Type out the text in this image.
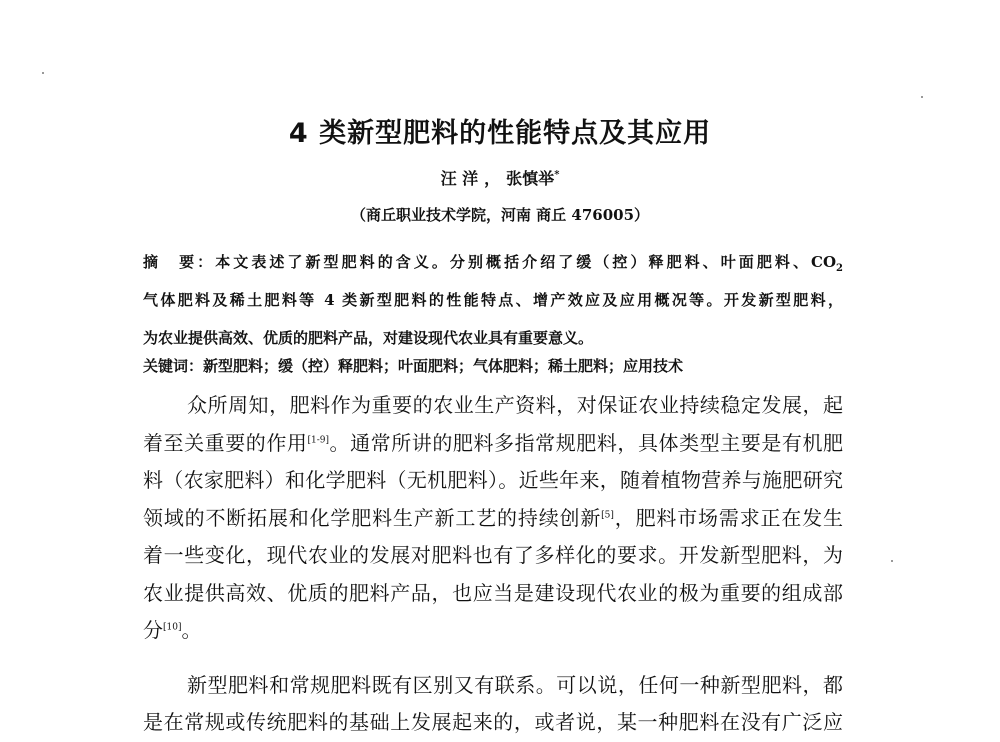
4 类新型肥料的性能特点及其应用
汪 洋 ， 张慎举*
（商丘职业技术学院，河南 商丘 476005）
摘　要：本文表述了新型肥料的含义。分别概括介绍了缓（控）释肥料、叶面肥料、$CO_2$
气体肥料及稀土肥料等 4 类新型肥料的性能特点、增产效应及应用概况等。开发新型肥料，
为农业提供高效、优质的肥料产品，对建设现代农业具有重要意义。
关键词：新型肥料；缓（控）释肥料；叶面肥料；气体肥料；稀土肥料；应用技术
众所周知，肥料作为重要的农业生产资料，对保证农业持续稳定发展，起
着至关重要的作用[1-9]。通常所讲的肥料多指常规肥料，具体类型主要是有机肥
料（农家肥料）和化学肥料（无机肥料）。近些年来，随着植物营养与施肥研究
领域的不断拓展和化学肥料生产新工艺的持续创新[5]，肥料市场需求正在发生
着一些变化，现代农业的发展对肥料也有了多样化的要求。开发新型肥料，为
农业提供高效、优质的肥料产品，也应当是建设现代农业的极为重要的组成部
分[10]。
新型肥料和常规肥料既有区别又有联系。可以说，任何一种新型肥料，都
是在常规或传统肥料的基础上发展起来的，或者说，某一种肥料在没有广泛应
